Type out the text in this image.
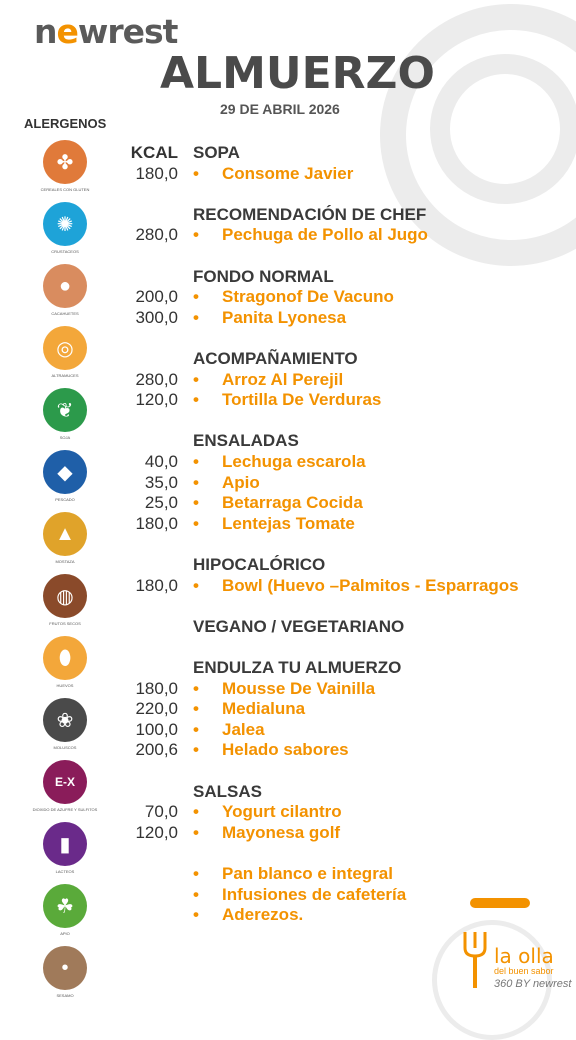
newrest
ALMUERZO
29 DE ABRIL 2026
ALERGENOS
✤
CEREALES CON GLUTEN
✺
CRUSTACEOS
●
CACAHUETES
◎
ALTRAMUCES
❦
SOJA
◆
PESCADO
▲
MOSTAZA
◍
FRUTOS SECOS
⬮
HUEVOS
❀
MOLUSCOS
E-X
DIOXIDO DE AZUFRE Y SULFITOS
▮
LACTEOS
☘
APIO
•
SESAMO
SOPA
KCAL
180,0 • Consome Javier
RECOMENDACIÓN DE CHEF
280,0 • Pechuga de Pollo al Jugo
FONDO NORMAL
200,0 • Stragonof De Vacuno
300,0 • Panita Lyonesa
ACOMPAÑAMIENTO
280,0 • Arroz Al Perejil
120,0 • Tortilla De Verduras
ENSALADAS
40,0 • Lechuga escarola
35,0 • Apio
25,0 • Betarraga Cocida
180,0 • Lentejas Tomate
HIPOCALÓRICO
180,0 • Bowl (Huevo –Palmitos - Esparragos
VEGANO / VEGETARIANO
ENDULZA TU ALMUERZO
180,0 • Mousse De Vainilla
220,0 • Medialuna
100,0 • Jalea
200,6 • Helado sabores
SALSAS
70,0 • Yogurt cilantro
120,0 • Mayonesa golf
• Pan blanco e integral
• Infusiones de cafetería
• Aderezos.
la olla
del buen sabor
360 BY newrest
